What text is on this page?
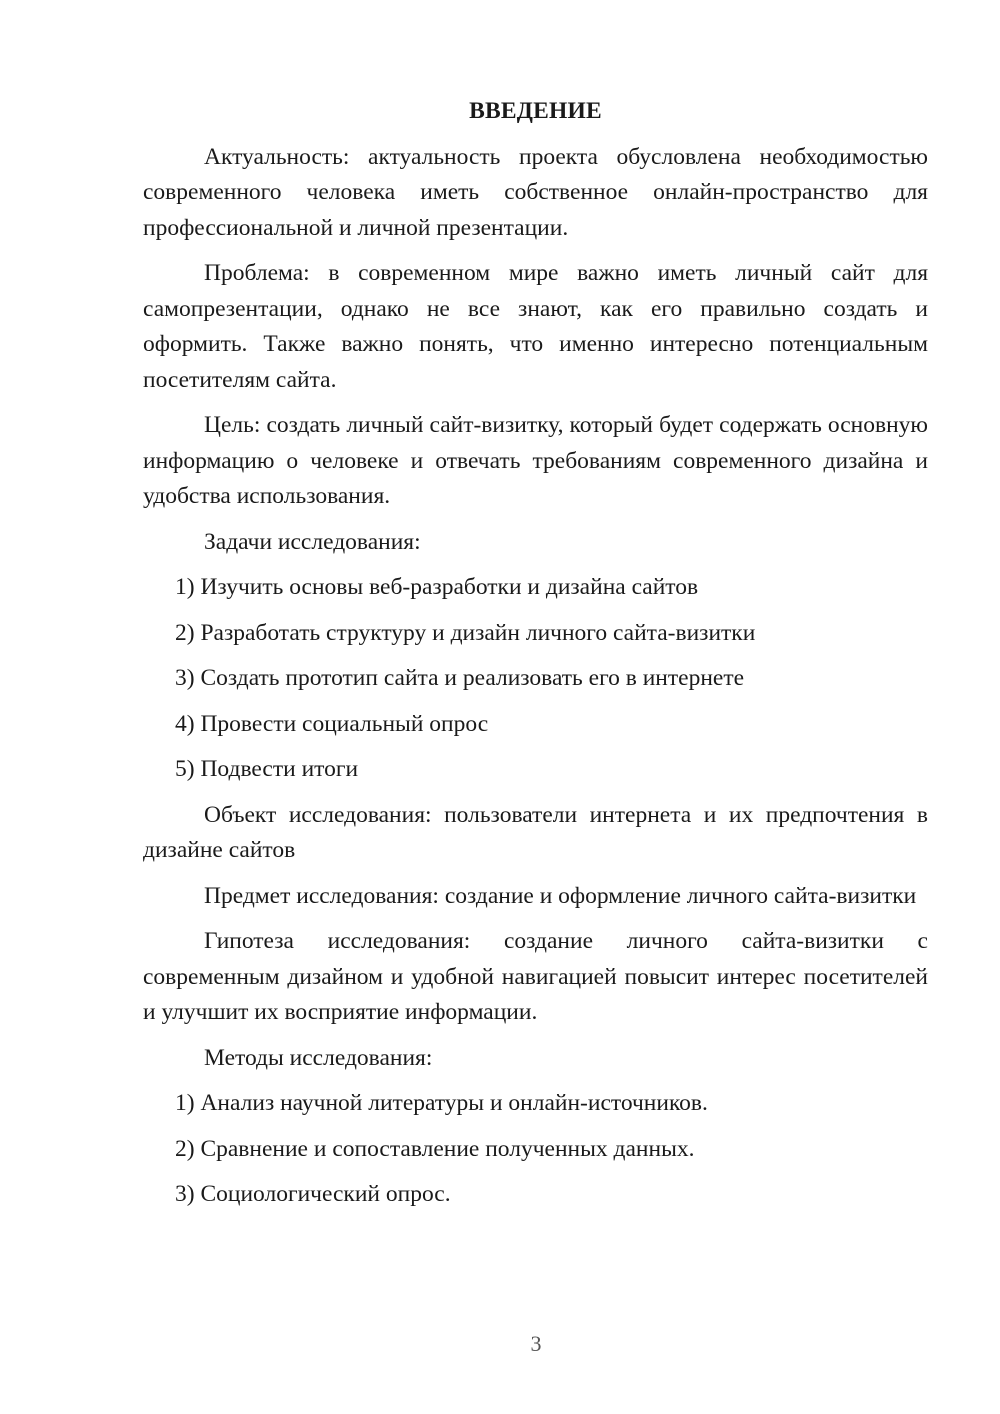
ВВЕДЕНИЕ

Актуальность: актуальность проекта обусловлена необходимостью современного человека иметь собственное онлайн-пространство для профессиональной и личной презентации.

Проблема: в современном мире важно иметь личный сайт для самопрезентации, однако не все знают, как его правильно создать и оформить. Также важно понять, что именно интересно потенциальным посетителям сайта.

Цель: создать личный сайт-визитку, который будет содержать основную информацию о человеке и отвечать требованиям современного дизайна и удобства использования.

Задачи исследования:

1) Изучить основы веб-разработки и дизайна сайтов
2) Разработать структуру и дизайн личного сайта-визитки
3) Создать прототип сайта и реализовать его в интернете
4) Провести социальный опрос
5) Подвести итоги

Объект исследования: пользователи интернета и их предпочтения в дизайне сайтов

Предмет исследования: создание и оформление личного сайта-визитки

Гипотеза исследования: создание личного сайта-визитки с современным дизайном и удобной навигацией повысит интерес посетителей и улучшит их восприятие информации.

Методы исследования:

1) Анализ научной литературы и онлайн-источников.
2) Сравнение и сопоставление полученных данных.
3) Социологический опрос.
3
